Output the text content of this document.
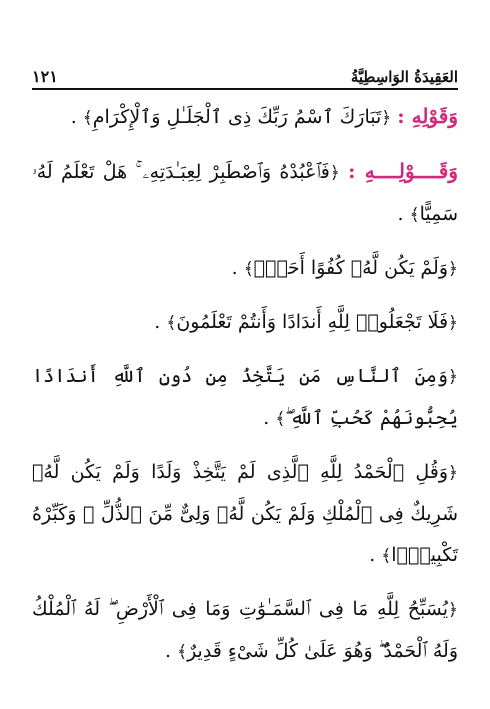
العَقِيدَةُ الوَاسِطِيَّةُ
١٢١

وَقَوْلِهِ : ﴿تَبَارَكَ ٱسْمُ رَبِّكَ ذِى ٱلْجَلَـٰلِ وَٱلْإِكْرَامِ﴾ .

وَقَــــوْلِــــهِ : ﴿فَٱعْبُدْهُ وَٱصْطَبِرْ لِعِبَـٰدَتِهِۦ ۚ هَلْ تَعْلَمُ لَهُۥ سَمِيًّا﴾ .

﴿وَلَمْ يَكُن لَّهُۥ كُفُوًا أَحَدٌۢ﴾ .

﴿فَلَا تَجْعَلُوا۟ لِلَّهِ أَندَادًا وَأَنتُمْ تَعْلَمُونَ﴾ .

﴿وَمِنَ ٱلنَّاسِ مَن يَتَّخِذُ مِن دُونِ ٱللَّهِ أَندَادًا يُحِبُّونَهُمْ كَحُبِّ ٱللَّهِ ۖ﴾ .

﴿وَقُلِ ٱلْحَمْدُ لِلَّهِ ٱلَّذِى لَمْ يَتَّخِذْ وَلَدًا وَلَمْ يَكُن لَّهُۥ شَرِيكٌ فِى ٱلْمُلْكِ وَلَمْ يَكُن لَّهُۥ وَلِىٌّ مِّنَ ٱلذُّلِّ ۖ وَكَبِّرْهُ تَكْبِيرًۢا﴾ .

﴿يُسَبِّحُ لِلَّهِ مَا فِى ٱلسَّمَـٰوَٰتِ وَمَا فِى ٱلْأَرْضِ ۖ لَهُ ٱلْمُلْكُ وَلَهُ ٱلْحَمْدُ ۖ وَهُوَ عَلَىٰ كُلِّ شَىْءٍ قَدِيرٌ﴾ .
